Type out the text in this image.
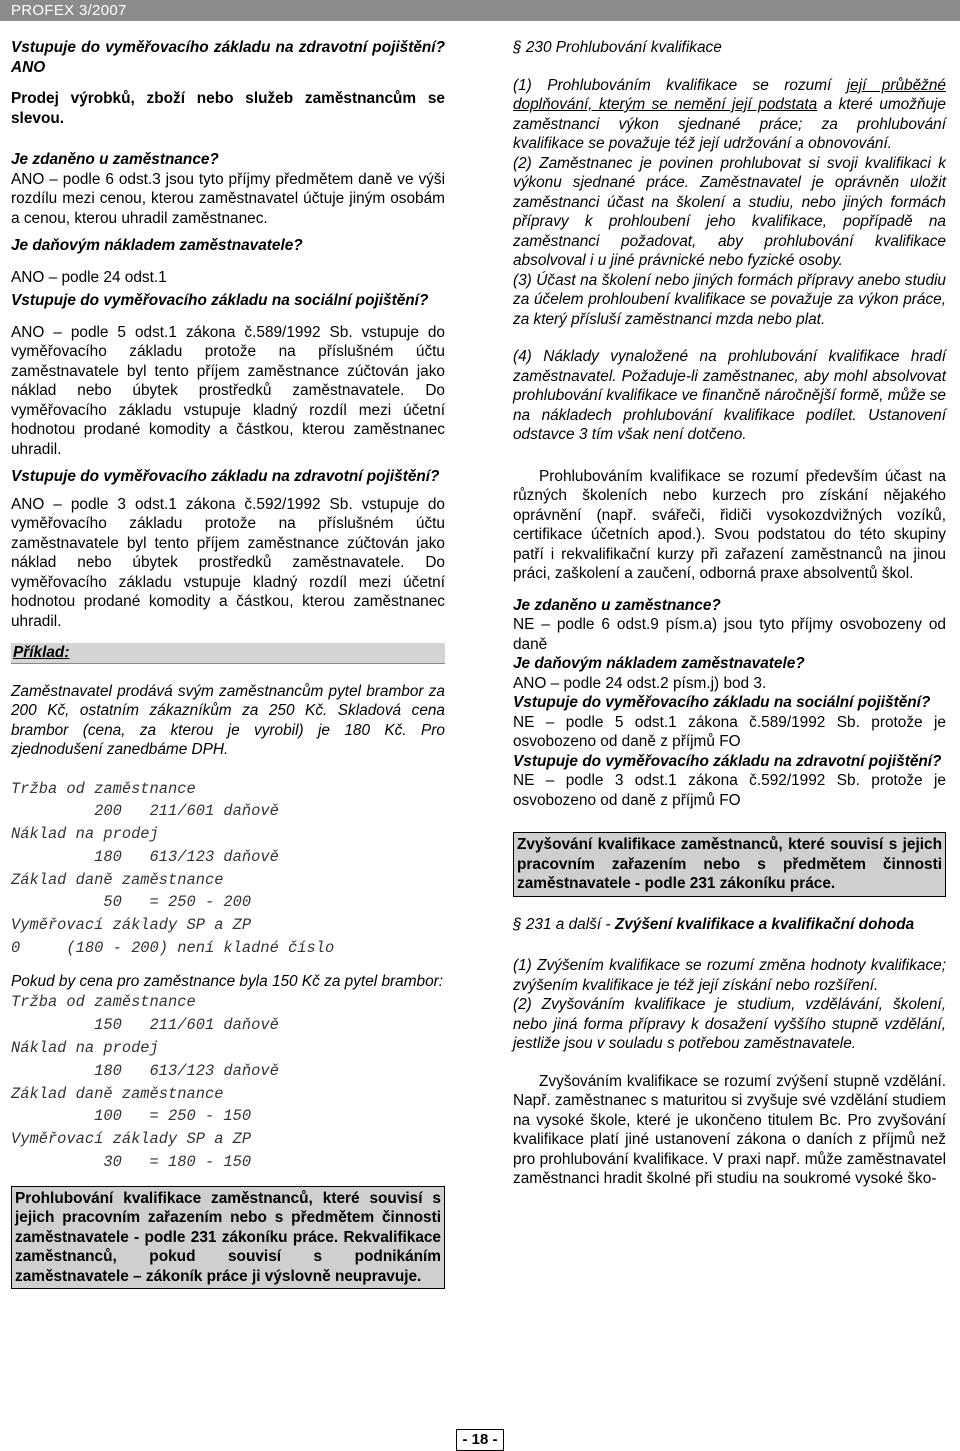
PROFEX 3/2007

Vstupuje do vyměřovacího základu na zdravotní pojištění? ANO

Prodej výrobků, zboží nebo služeb zaměstnancům se slevou.

Je zdaněno u zaměstnance?

ANO – podle 6 odst.3 jsou tyto příjmy předmětem daně ve výši rozdílu mezi cenou, kterou zaměstnavatel účtuje jiným osobám a cenou, kterou uhradil zaměstnanec.

Je daňovým nákladem zaměstnavatele?

ANO – podle 24 odst.1

Vstupuje do vyměřovacího základu na sociální pojištění?

ANO – podle 5 odst.1 zákona č.589/1992 Sb. vstupuje do vyměřovacího základu protože na příslušném účtu zaměstnavatele byl tento příjem zaměstnance zúčtován jako náklad nebo úbytek prostředků zaměstnavatele. Do vyměřovacího základu vstupuje kladný rozdíl mezi účetní hodnotou prodané komodity a částkou, kterou zaměstnanec uhradil.

Vstupuje do vyměřovacího základu na zdravotní pojištění?

ANO – podle 3 odst.1 zákona č.592/1992 Sb. vstupuje do vyměřovacího základu protože na příslušném účtu zaměstnavatele byl tento příjem zaměstnance zúčtován jako náklad nebo úbytek prostředků zaměstnavatele. Do vyměřovacího základu vstupuje kladný rozdíl mezi účetní hodnotou prodané komodity a částkou, kterou zaměstnanec uhradil.

Příklad:

Zaměstnavatel prodává svým zaměstnancům pytel brambor za 200 Kč, ostatním zákazníkům za 250 Kč. Skladová cena brambor (cena, za kterou je vyrobil) je 180 Kč. Pro zjednodušení zanedbáme DPH.

Tržba od zaměstnance

200   211/601 daňově

Náklad na prodej

180   613/123 daňově

Základ daně zaměstnance

50   = 250 - 200

Vyměřovací základy SP a ZP

0     (180 - 200) není kladné číslo

Pokud by cena pro zaměstnance byla 150 Kč za pytel brambor:

Tržba od zaměstnance

150   211/601 daňově

Náklad na prodej

180   613/123 daňově

Základ daně zaměstnance

100   = 250 - 150

Vyměřovací základy SP a ZP

30   = 180 - 150

Prohlubování kvalifikace zaměstnanců, které souvisí s jejich pracovním zařazením nebo s předmětem činnosti zaměstnavatele - podle 231 zákoníku práce. Rekvalifikace zaměstnanců, pokud souvisí s podnikáním zaměstnavatele – zákoník práce ji výslovně neupravuje.

§ 230 Prohlubování kvalifikace

(1) Prohlubováním kvalifikace se rozumí její průběžné doplňování, kterým se nemění její podstata a které umožňuje zaměstnanci výkon sjednané práce; za prohlubování kvalifikace se považuje též její udržování a obnovování.

(2) Zaměstnanec je povinen prohlubovat si svoji kvalifikaci k výkonu sjednané práce. Zaměstnavatel je oprávněn uložit zaměstnanci účast na školení a studiu, nebo jiných formách přípravy k prohloubení jeho kvalifikace, popřípadě na zaměstnanci požadovat, aby prohlubování kvalifikace absolvoval i u jiné právnické nebo fyzické osoby.

(3) Účast na školení nebo jiných formách přípravy anebo studiu za účelem prohloubení kvalifikace se považuje za výkon práce, za který přísluší zaměstnanci mzda nebo plat.

(4) Náklady vynaložené na prohlubování kvalifikace hradí zaměstnavatel. Požaduje-li zaměstnanec, aby mohl absolvovat prohlubování kvalifikace ve finančně náročnější formě, může se na nákladech prohlubování kvalifikace podílet. Ustanovení odstavce 3 tím však není dotčeno.

Prohlubováním kvalifikace se rozumí především účast na různých školeních nebo kurzech pro získání nějakého oprávnění (např. svářeči, řidiči vysokozdvižných vozíků, certifikace účetních apod.). Svou podstatou do této skupiny patří i rekvalifikační kurzy při zařazení zaměstnanců na jinou práci, zaškolení a zaučení, odborná praxe absolventů škol.

Je zdaněno u zaměstnance?

NE – podle 6 odst.9 písm.a) jsou tyto příjmy osvobozeny od daně

Je daňovým nákladem zaměstnavatele?

ANO – podle 24 odst.2 písm.j) bod 3.

Vstupuje do vyměřovacího základu na sociální pojištění?

NE – podle 5 odst.1 zákona č.589/1992 Sb. protože je osvobozeno od daně z příjmů FO

Vstupuje do vyměřovacího základu na zdravotní pojištění?

NE – podle 3 odst.1 zákona č.592/1992 Sb. protože je osvobozeno od daně z příjmů FO

Zvyšování kvalifikace zaměstnanců, které souvisí s jejich pracovním zařazením nebo s předmětem činnosti zaměstnavatele - podle 231 zákoníku práce.

§ 231 a další - Zvýšení kvalifikace a kvalifikační dohoda

(1) Zvýšením kvalifikace se rozumí změna hodnoty kvalifikace; zvýšením kvalifikace je též její získání nebo rozšíření.

(2) Zvyšováním kvalifikace je studium, vzdělávání, školení, nebo jiná forma přípravy k dosažení vyššího stupně vzdělání, jestliže jsou v souladu s potřebou zaměstnavatele.

Zvyšováním kvalifikace se rozumí zvýšení stupně vzdělání. Např. zaměstnanec s maturitou si zvyšuje své vzdělání studiem na vysoké škole, které je ukončeno titulem Bc. Pro zvyšování kvalifikace platí jiné ustanovení zákona o daních z příjmů než pro prohlubování kvalifikace. V praxi např. může zaměstnavatel zaměstnanci hradit školné při studiu na soukromé vysoké ško-

- 18 -
